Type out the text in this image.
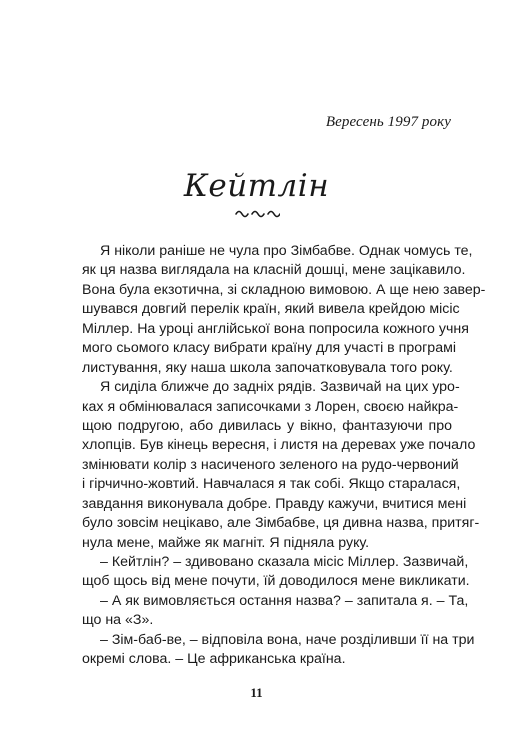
Вересень 1997 року
Кейтлін
Я ніколи раніше не чула про Зімбабве. Однак чомусь те,
як ця назва виглядала на класній дошці, мене зацікавило.
Вона була екзотична, зі складною вимовою. А ще нею завер-
шувався довгий перелік країн, який вивела крейдою місіс
Міллер. На уроці англійської вона попросила кожного учня
мого сьомого класу вибрати країну для участі в програмі
листування, яку наша школа започатковувала того року.
Я сиділа ближче до задніх рядів. Зазвичай на цих уро-
ках я обмінювалася записочками з Лорен, своєю найкра-
щою подругою, або дивилась у вікно, фантазуючи про
хлопців. Був кінець вересня, і листя на деревах уже почало
змінювати колір з насиченого зеленого на рудо-червоний
і гірчично-жовтий. Навчалася я так собі. Якщо старалася,
завдання виконувала добре. Правду кажучи, вчитися мені
було зовсім нецікаво, але Зімбабве, ця дивна назва, притяг-
нула мене, майже як магніт. Я підняла руку.
– Кейтлін? – здивовано сказала місіс Міллер. Зазвичай,
щоб щось від мене почути, їй доводилося мене викликати.
– А як вимовляється остання назва? – запитала я. – Та,
що на «З».
– Зім-баб-ве, – відповіла вона, наче розділивши її на три
окремі слова. – Це африканська країна.
11
